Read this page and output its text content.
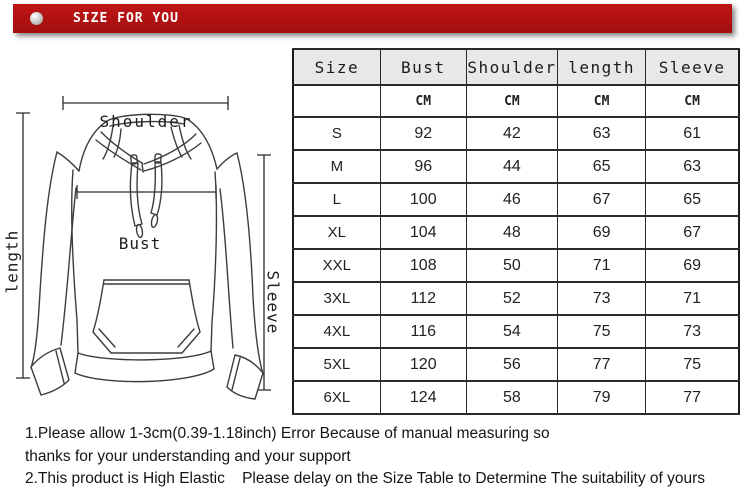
SIZE FOR YOU
Shoulder
length	Bust
Sleeve
Size	Bust	Shoulder	length	Sleeve
	CM	CM	CM	CM
S	92	42	63	61
M	96	44	65	63
L	100	46	67	65
XL	104	48	69	67
XXL	108	50	71	69
3XL	112	52	73	71
4XL	116	54	75	73
5XL	120	56	77	75
6XL	124	58	79	77
1.Please allow 1-3cm(0.39-1.18inch) Error Because of manual measuring so
thanks for your understanding and your support
2.This product is High Elastic    Please delay on the Size Table to Determine The suitability of yours
